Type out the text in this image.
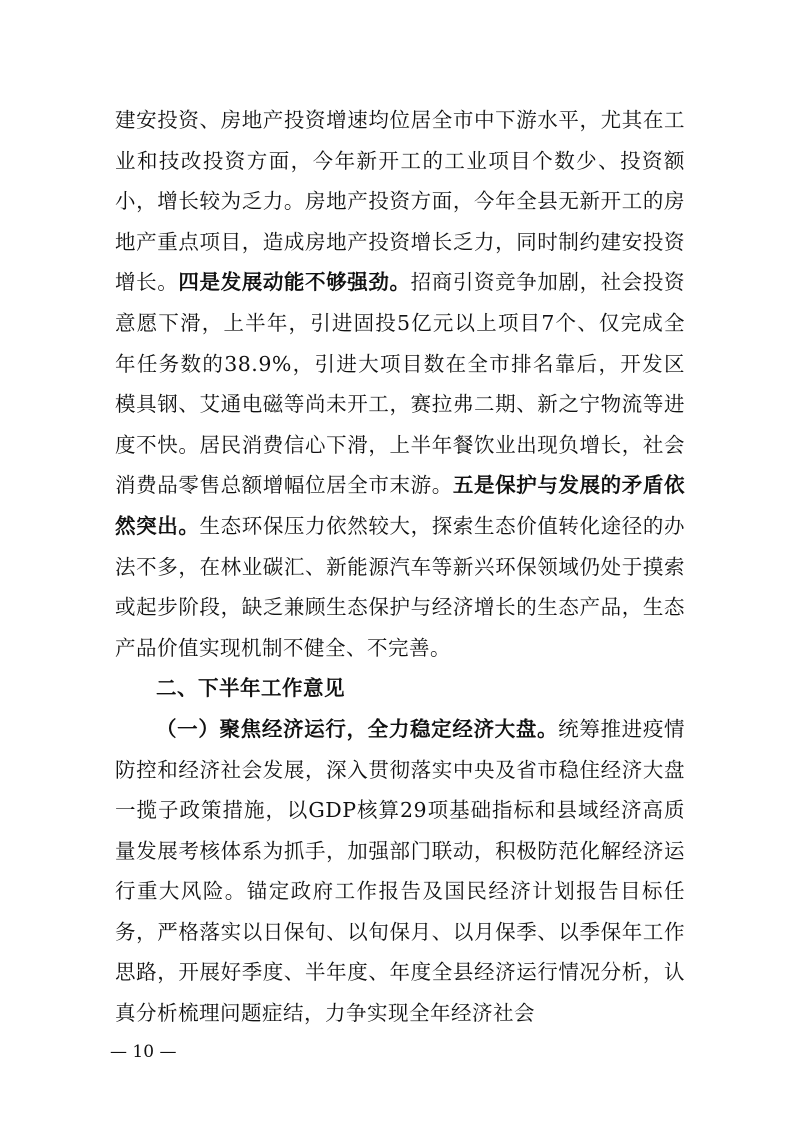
建安投资、房地产投资增速均位居全市中下游水平，尤其在工业和技改投资方面，今年新开工的工业项目个数少、投资额小，增长较为乏力。房地产投资方面，今年全县无新开工的房地产重点项目，造成房地产投资增长乏力，同时制约建安投资增长。四是发展动能不够强劲。招商引资竞争加剧，社会投资意愿下滑，上半年，引进固投5亿元以上项目7个、仅完成全年任务数的38.9%，引进大项目数在全市排名靠后，开发区模具钢、艾通电磁等尚未开工，赛拉弗二期、新之宁物流等进度不快。居民消费信心下滑，上半年餐饮业出现负增长，社会消费品零售总额增幅位居全市末游。五是保护与发展的矛盾依然突出。生态环保压力依然较大，探索生态价值转化途径的办法不多，在林业碳汇、新能源汽车等新兴环保领域仍处于摸索或起步阶段，缺乏兼顾生态保护与经济增长的生态产品，生态产品价值实现机制不健全、不完善。

二、下半年工作意见

（一）聚焦经济运行，全力稳定经济大盘。统筹推进疫情防控和经济社会发展，深入贯彻落实中央及省市稳住经济大盘一揽子政策措施，以GDP核算29项基础指标和县域经济高质量发展考核体系为抓手，加强部门联动，积极防范化解经济运行重大风险。锚定政府工作报告及国民经济计划报告目标任务，严格落实以日保旬、以旬保月、以月保季、以季保年工作思路，开展好季度、半年度、年度全县经济运行情况分析，认真分析梳理问题症结，力争实现全年经济社会

— 10 —
